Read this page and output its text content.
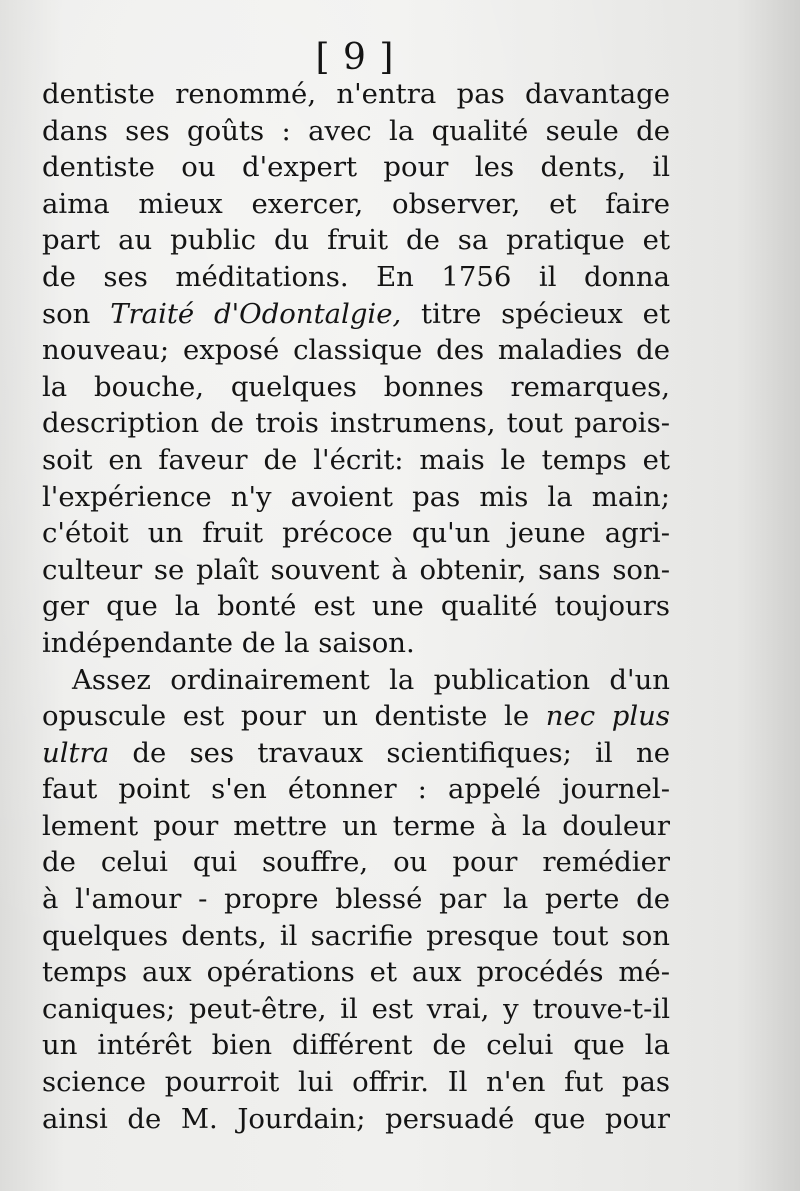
[ 9 ]
dentiste renommé, n'entra pas davantage
dans ses goûts : avec la qualité seule de
dentiste ou d'expert pour les dents, il
aima mieux exercer, observer, et faire
part au public du fruit de sa pratique et
de ses méditations. En 1756 il donna
son Traité d'Odontalgie, titre spécieux et
nouveau; exposé classique des maladies de
la bouche, quelques bonnes remarques,
description de trois instrumens, tout parois-
soit en faveur de l'écrit: mais le temps et
l'expérience n'y avoient pas mis la main;
c'étoit un fruit précoce qu'un jeune agri-
culteur se plaît souvent à obtenir, sans son-
ger que la bonté est une qualité toujours
indépendante de la saison.
Assez ordinairement la publication d'un
opuscule est pour un dentiste le nec plus
ultra de ses travaux scientifiques; il ne
faut point s'en étonner : appelé journel-
lement pour mettre un terme à la douleur
de celui qui souffre, ou pour remédier
à l'amour - propre blessé par la perte de
quelques dents, il sacrifie presque tout son
temps aux opérations et aux procédés mé-
caniques; peut-être, il est vrai, y trouve-t-il
un intérêt bien différent de celui que la
science pourroit lui offrir. Il n'en fut pas
ainsi de M. Jourdain; persuadé que pour
